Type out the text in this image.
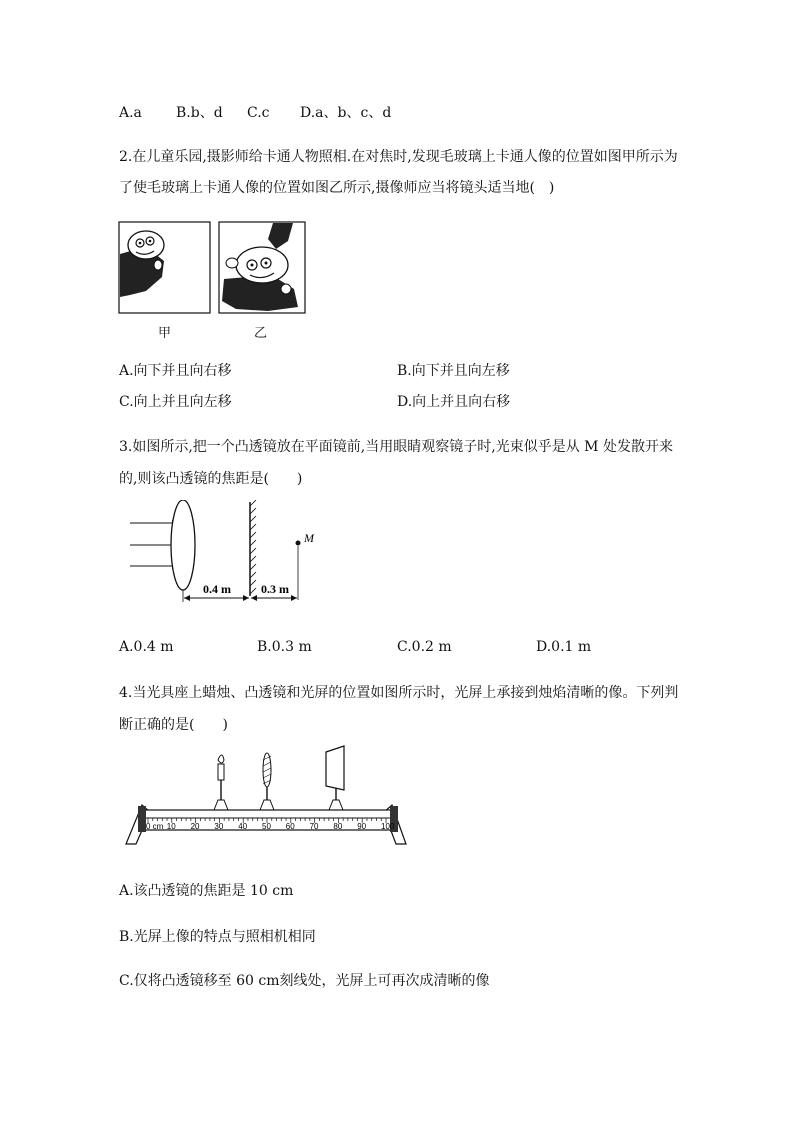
A.a B.b、d C.c D.a、b、c、d
2.在儿童乐园,摄影师给卡通人物照相.在对焦时,发现毛玻璃上卡通人像的位置如图甲所示为
了使毛玻璃上卡通人像的位置如图乙所示,摄像师应当将镜头适当地(　)
甲	乙
A.向下并且向右移	B.向下并且向左移
C.向上并且向左移	D.向上并且向右移
3.如图所示,把一个凸透镜放在平面镜前,当用眼睛观察镜子时,光束似乎是从 M 处发散开来
的,则该凸透镜的焦距是(　　)
M
0.4 m	0.3 m
A.0.4 m	B.0.3 m	C.0.2 m	D.0.1 m
4.当光具座上蜡烛、凸透镜和光屏的位置如图所示时，光屏上承接到烛焰清晰的像。下列判
断正确的是(　　)
0 cm 10 20 30 40 50 60 70 80 90 100
A.该凸透镜的焦距是 10 cm
B.光屏上像的特点与照相机相同
C.仅将凸透镜移至 60 cm刻线处，光屏上可再次成清晰的像
